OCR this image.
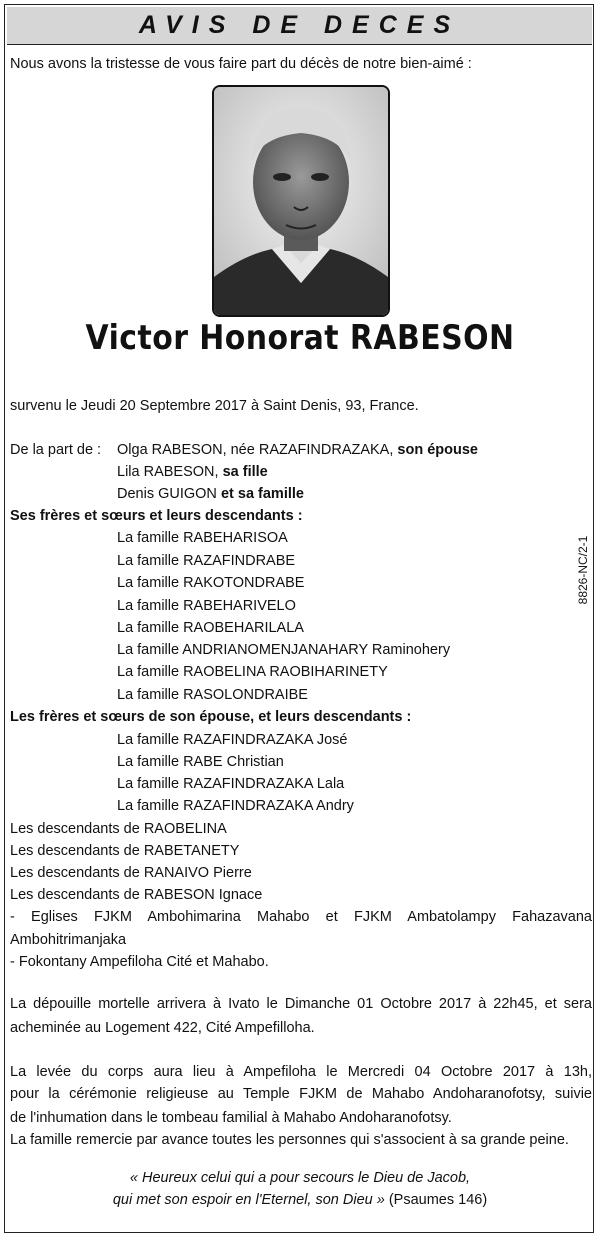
AVIS DE DECES
Nous avons la tristesse de vous faire part du décès de notre bien-aimé :
Victor Honorat RABESON
survenu le Jeudi 20 Septembre 2017 à Saint Denis, 93, France.
De la part de : Olga RABESON, née RAZAFINDRAZAKA, son épouse
Lila RABESON, sa fille
Denis GUIGON et sa famille
Ses frères et sœurs et leurs descendants :
La famille RABEHARISOA
La famille RAZAFINDRABE
La famille RAKOTONDRABE
La famille RABEHARIVELO
La famille RAOBEHARILALA
La famille ANDRIANOMENJANAHARY Raminohery
La famille RAOBELINA RAOBIHARINETY
La famille RASOLONDRAIBE
Les frères et sœurs de son épouse, et leurs descendants :
La famille RAZAFINDRAZAKA José
La famille RABE Christian
La famille RAZAFINDRAZAKA Lala
La famille RAZAFINDRAZAKA Andry
Les descendants de RAOBELINA
Les descendants de RABETANETY
Les descendants de RANAIVO Pierre
Les descendants de RABESON Ignace
- Eglises FJKM Ambohimarina Mahabo et FJKM Ambatolampy Fahazavana
Ambohitrimanjaka
- Fokontany Ampefiloha Cité et Mahabo.
La dépouille mortelle arrivera à Ivato le Dimanche 01 Octobre 2017 à 22h45, et sera
acheminée au Logement 422, Cité Ampefilloha.
La levée du corps aura lieu à Ampefiloha le Mercredi 04 Octobre 2017 à 13h,
pour la cérémonie religieuse au Temple FJKM de Mahabo Andoharanofotsy, suivie
de l'inhumation dans le tombeau familial à Mahabo Andoharanofotsy.
La famille remercie par avance toutes les personnes qui s'associent à sa grande peine.
« Heureux celui qui a pour secours le Dieu de Jacob,
qui met son espoir en l'Eternel, son Dieu » (Psaumes 146)
8826-NC/2-1
